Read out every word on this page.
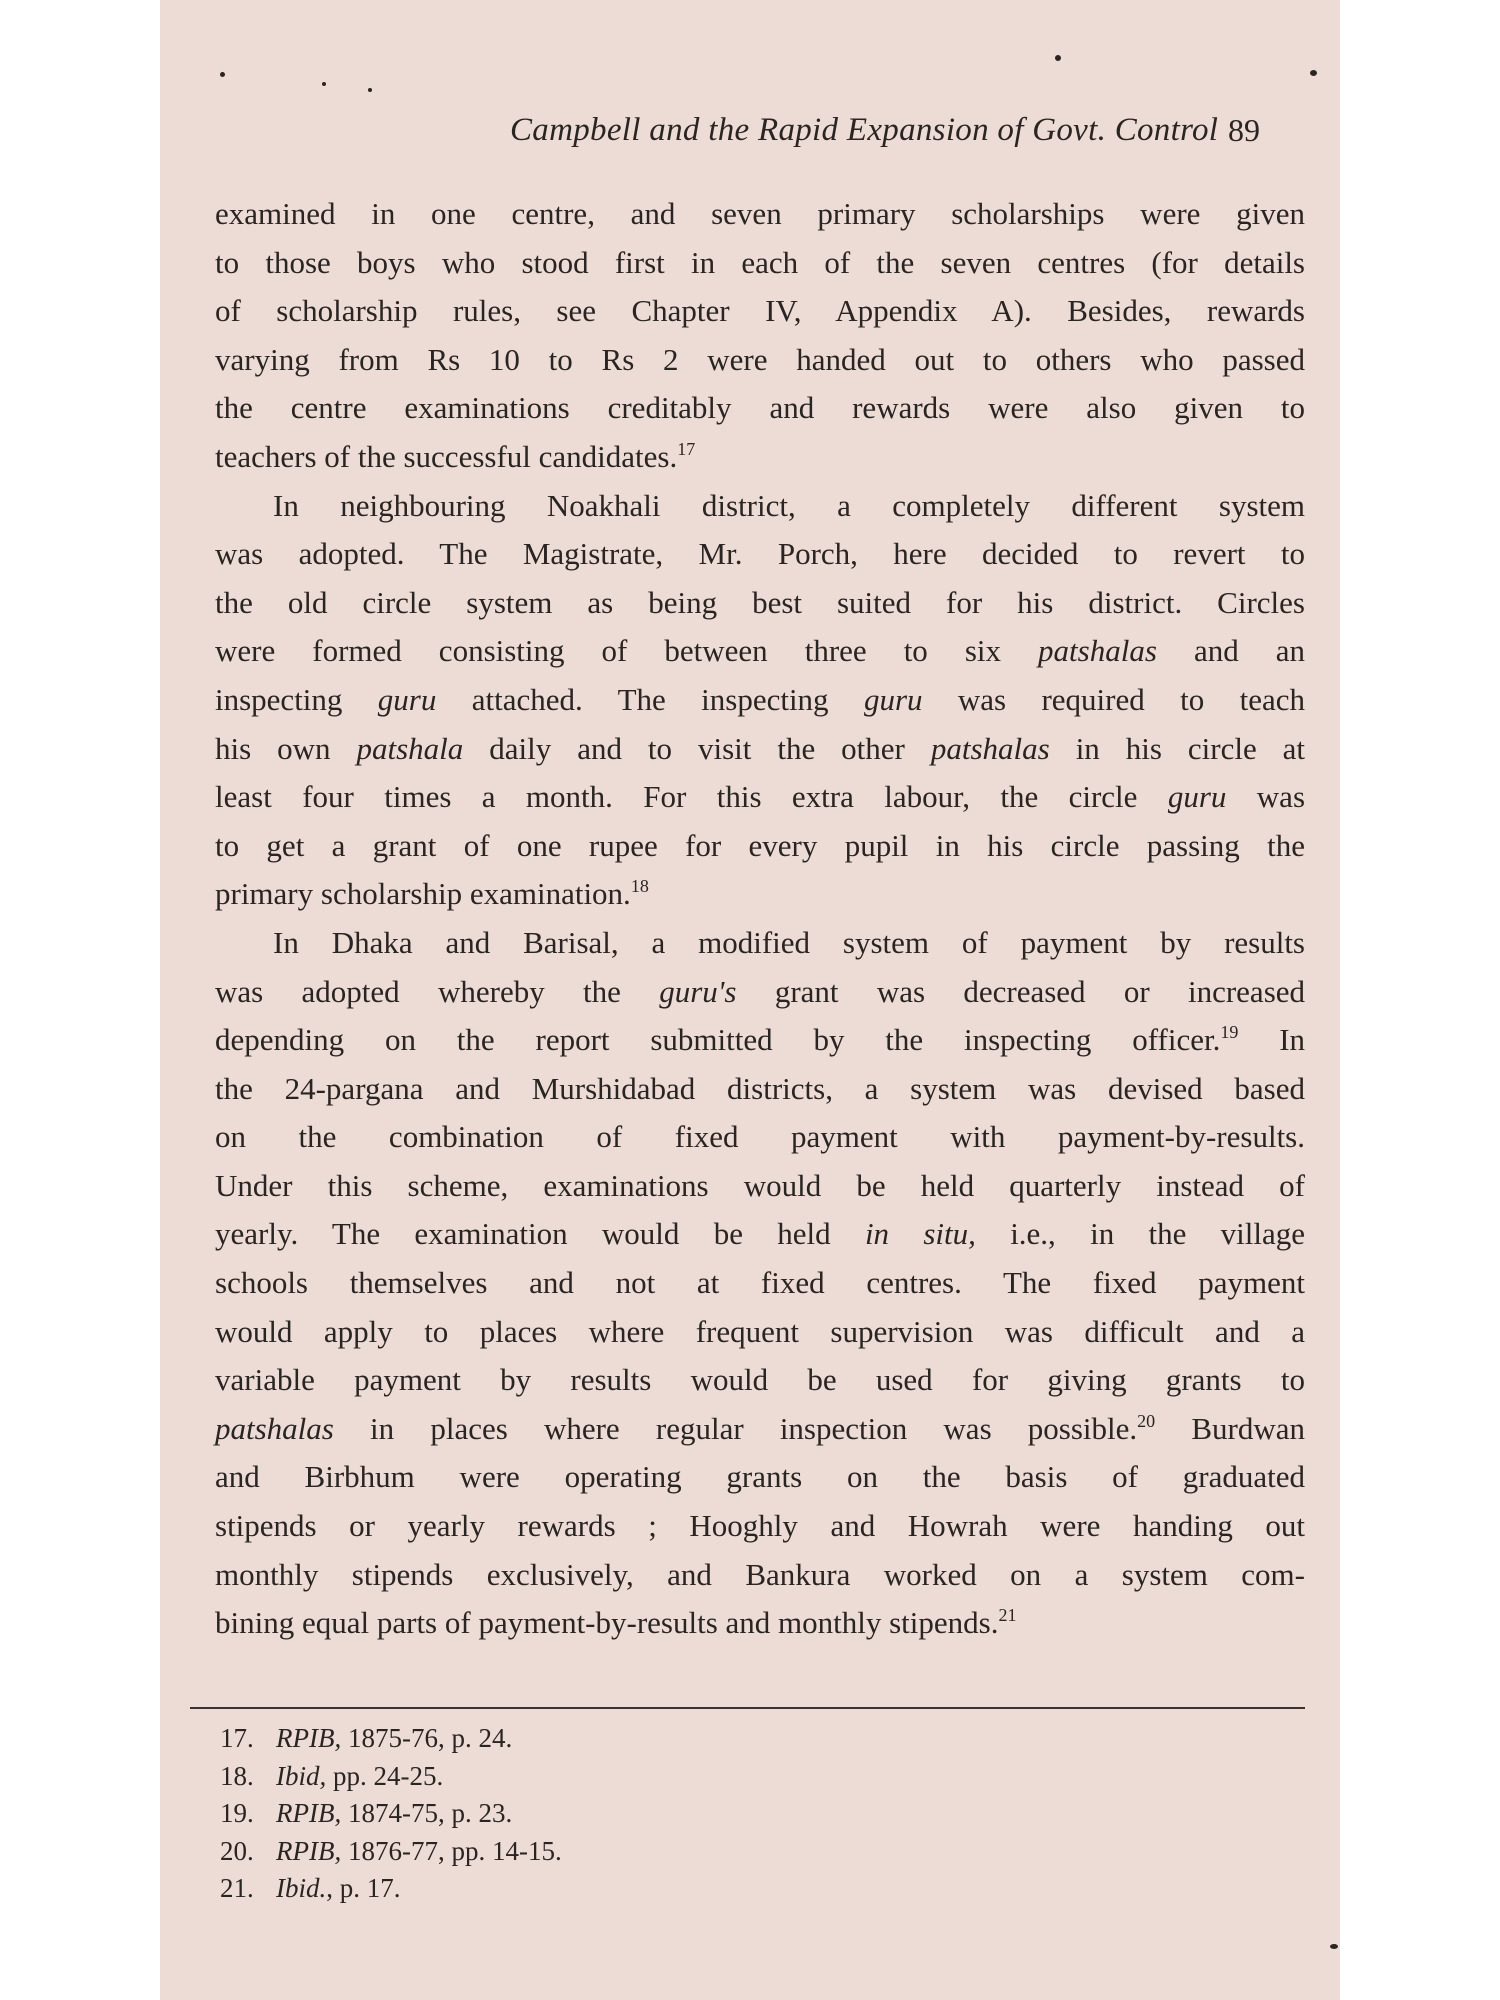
Campbell and the Rapid Expansion of Govt. Control 89
examined in one centre, and seven primary scholarships were given
to those boys who stood first in each of the seven centres (for details
of scholarship rules, see Chapter IV, Appendix A). Besides, rewards
varying from Rs 10 to Rs 2 were handed out to others who passed
the centre examinations creditably and rewards were also given to
teachers of the successful candidates.$^{17}$
In neighbouring Noakhali district, a completely different system
was adopted. The Magistrate, Mr. Porch, here decided to revert to
the old circle system as being best suited for his district. Circles
were formed consisting of between three to six patshalas and an
inspecting guru attached. The inspecting guru was required to teach
his own patshala daily and to visit the other patshalas in his circle at
least four times a month. For this extra labour, the circle guru was
to get a grant of one rupee for every pupil in his circle passing the
primary scholarship examination.$^{18}$
In Dhaka and Barisal, a modified system of payment by results
was adopted whereby the guru's grant was decreased or increased
depending on the report submitted by the inspecting officer.$^{19}$ In
the 24-pargana and Murshidabad districts, a system was devised based
on the combination of fixed payment with payment-by-results.
Under this scheme, examinations would be held quarterly instead of
yearly. The examination would be held in situ, i.e., in the village
schools themselves and not at fixed centres. The fixed payment
would apply to places where frequent supervision was difficult and a
variable payment by results would be used for giving grants to
patshalas in places where regular inspection was possible.$^{20}$ Burdwan
and Birbhum were operating grants on the basis of graduated
stipends or yearly rewards ; Hooghly and Howrah were handing out
monthly stipends exclusively, and Bankura worked on a system com-
bining equal parts of payment-by-results and monthly stipends.$^{21}$
17. RPIB, 1875-76, p. 24.
18. Ibid, pp. 24-25.
19. RPIB, 1874-75, p. 23.
20. RPIB, 1876-77, pp. 14-15.
21. Ibid., p. 17.
